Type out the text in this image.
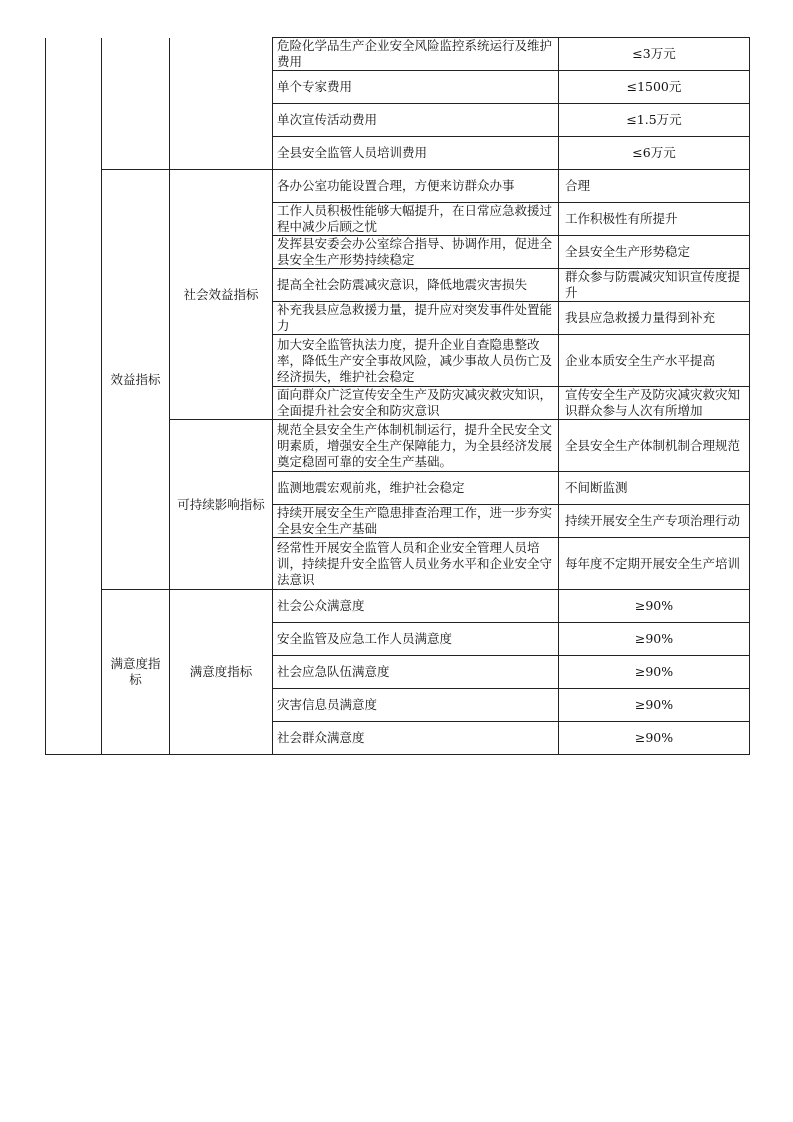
			危险化学品生产企业安全风险监控系统运行及维护费用	≤3万元
			单个专家费用	≤1500元
			单次宣传活动费用	≤1.5万元
			全县安全监管人员培训费用	≤6万元
	效益指标	社会效益指标	各办公室功能设置合理，方便来访群众办事	合理
			工作人员积极性能够大幅提升，在日常应急救援过程中减少后顾之忧	工作积极性有所提升
			发挥县安委会办公室综合指导、协调作用，促进全县安全生产形势持续稳定	全县安全生产形势稳定
			提高全社会防震减灾意识，降低地震灾害损失	群众参与防震减灾知识宣传度提升
			补充我县应急救援力量，提升应对突发事件处置能力	我县应急救援力量得到补充
			加大安全监管执法力度，提升企业自查隐患整改率，降低生产安全事故风险，减少事故人员伤亡及经济损失，维护社会稳定	企业本质安全生产水平提高
			面向群众广泛宣传安全生产及防灾减灾救灾知识，全面提升社会安全和防灾意识	宣传安全生产及防灾减灾救灾知识群众参与人次有所增加
		可持续影响指标	规范全县安全生产体制机制运行，提升全民安全文明素质，增强安全生产保障能力，为全县经济发展奠定稳固可靠的安全生产基础。	全县安全生产体制机制合理规范
			监测地震宏观前兆，维护社会稳定	不间断监测
			持续开展安全生产隐患排查治理工作，进一步夯实全县安全生产基础	持续开展安全生产专项治理行动
			经常性开展安全监管人员和企业安全管理人员培训，持续提升安全监管人员业务水平和企业安全守法意识	每年度不定期开展安全生产培训
	满意度指标	满意度指标	社会公众满意度	≥90%
			安全监管及应急工作人员满意度	≥90%
			社会应急队伍满意度	≥90%
			灾害信息员满意度	≥90%
			社会群众满意度	≥90%
